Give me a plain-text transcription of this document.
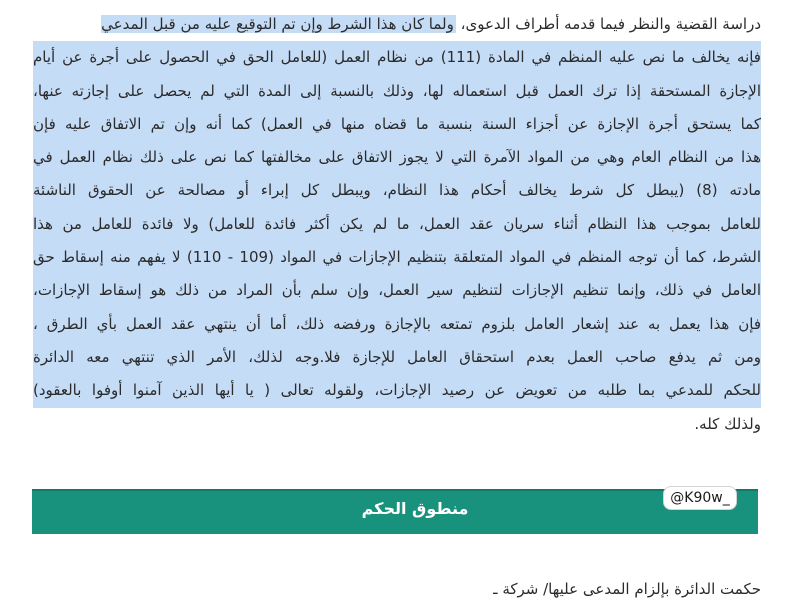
دراسة القضية والنظر فيما قدمه أطراف الدعوى، ولما كان هذا الشرط وإن تم التوقيع عليه من قبل المدعي
فإنه يخالف ما نص عليه المنظم في المادة (111) من نظام العمل (للعامل الحق في الحصول على أجرة عن أيام
الإجازة المستحقة إذا ترك العمل قبل استعماله لها، وذلك بالنسبة إلى المدة التي لم يحصل على إجازته عنها،
كما يستحق أجرة الإجازة عن أجزاء السنة بنسبة ما قضاه منها في العمل) كما أنه وإن تم الاتفاق عليه فإن
هذا من النظام العام وهي من المواد الآمرة التي لا يجوز الاتفاق على مخالفتها كما نص على ذلك نظام العمل في
مادته (8) (يبطل كل شرط يخالف أحكام هذا النظام، ويبطل كل إبراء أو مصالحة عن الحقوق الناشئة
للعامل بموجب هذا النظام أثناء سريان عقد العمل، ما لم يكن أكثر فائدة للعامل) ولا فائدة للعامل من هذا
الشرط، كما أن توجه المنظم في المواد المتعلقة بتنظيم الإجازات في المواد (109 - 110) لا يفهم منه إسقاط حق
العامل في ذلك، وإنما تنظيم الإجازات لتنظيم سير العمل، وإن سلم بأن المراد من ذلك هو إسقاط الإجازات،
فإن هذا يعمل به عند إشعار العامل بلزوم تمتعه بالإجازة ورفضه ذلك، أما أن ينتهي عقد العمل بأي الطرق ،
ومن ثم يدفع صاحب العمل بعدم استحقاق العامل للإجازة فلا.وجه لذلك، الأمر الذي تنتهي معه الدائرة
للحكم للمدعي بما طلبه من تعويض عن رصيد الإجازات، ولقوله تعالى ( يا أيها الذين آمنوا أوفوا بالعقود)
ولذلك كله.
منطوق الحكم
@K90w_
حكمت الدائرة بإلزام المدعى عليها/ شركة ـ
